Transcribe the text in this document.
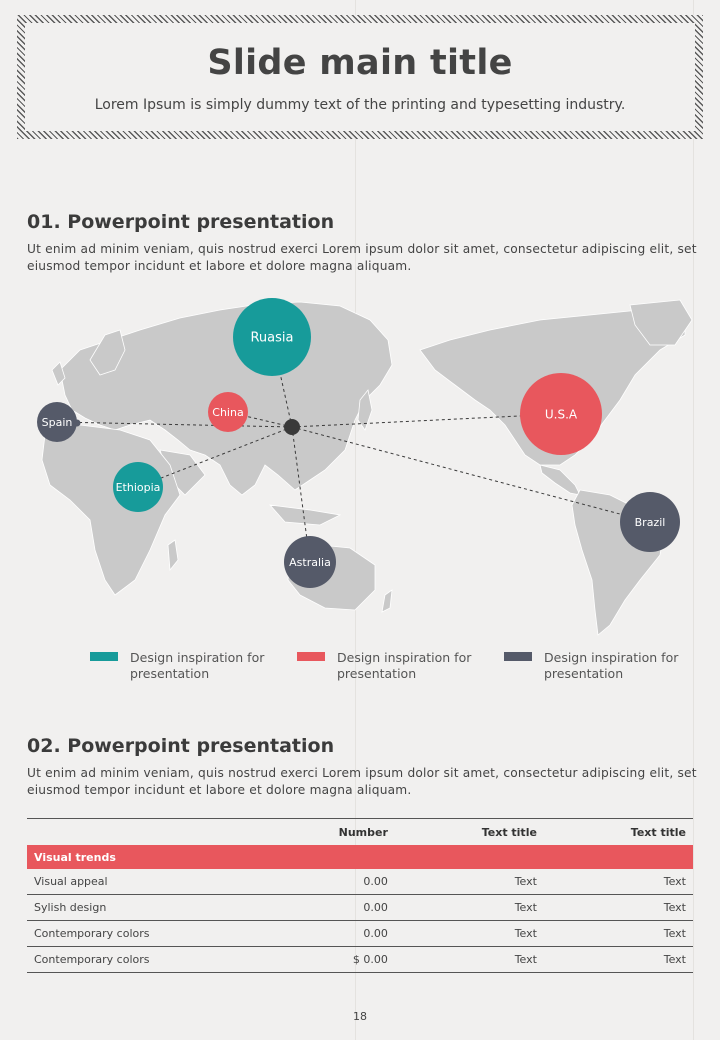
Slide main title
Lorem Ipsum is simply dummy text of the printing and typesetting industry.
01. Powerpoint presentation
Ut enim ad minim veniam, quis nostrud exerci Lorem ipsum dolor sit amet, consectetur adipiscing elit, set eiusmod tempor incidunt et labore et dolore magna aliquam.
Ruasia
China
Spain
Ethiopia
Astralia
U.S.A
Brazil
Design inspiration for presentation
Design inspiration for presentation
Design inspiration for presentation
02. Powerpoint presentation
Ut enim ad minim veniam, quis nostrud exerci Lorem ipsum dolor sit amet, consectetur adipiscing elit, set eiusmod tempor incidunt et labore et dolore magna aliquam.
	Number	Text title	Text title
Visual trends			
Visual appeal	0.00	Text	Text
Sylish design	0.00	Text	Text
Contemporary colors	0.00	Text	Text
Contemporary colors	$ 0.00	Text	Text
18
